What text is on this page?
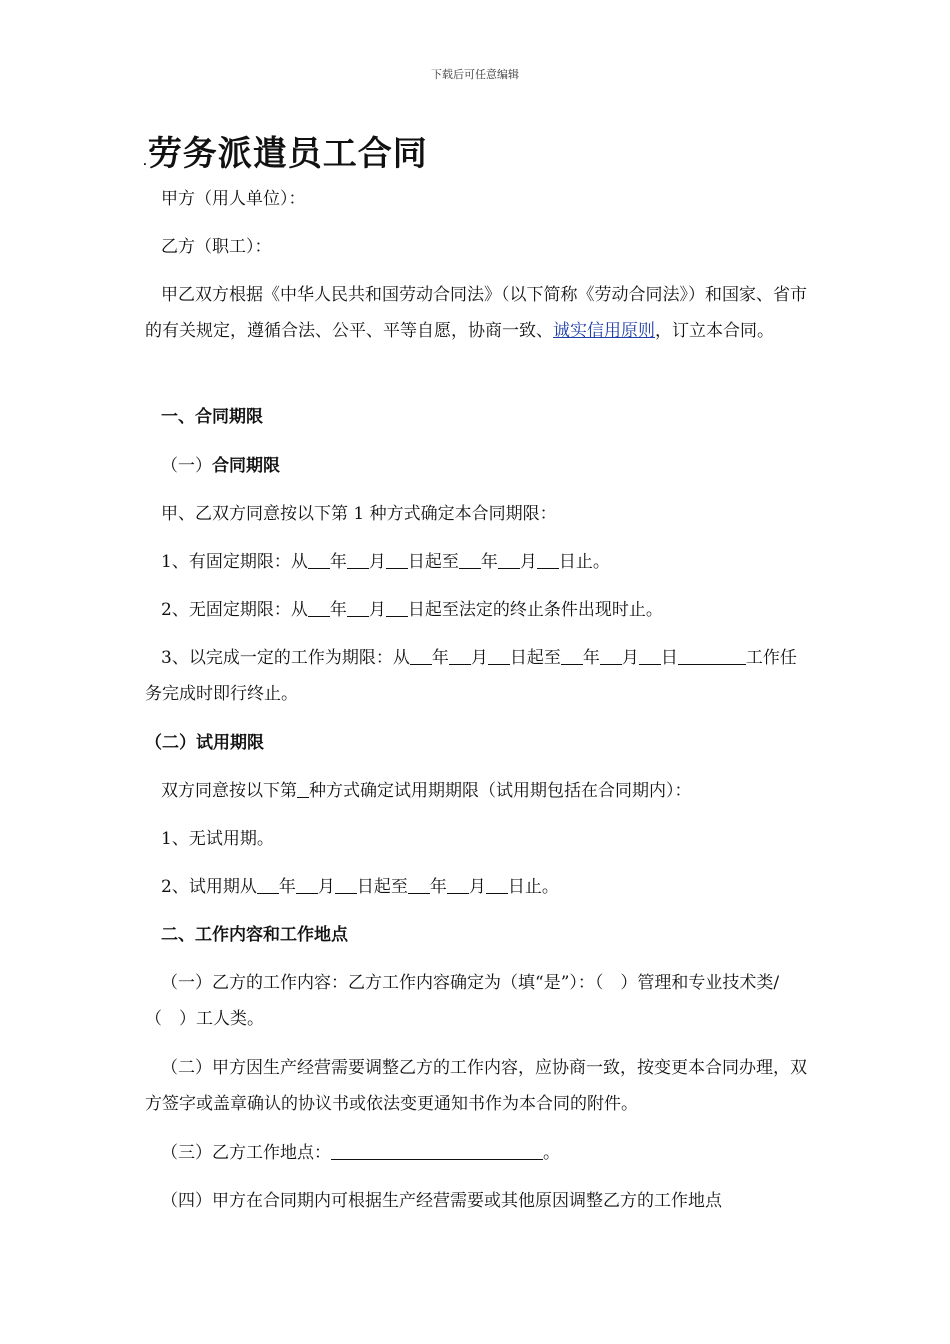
下载后可任意编辑
.劳务派遣员工合同
甲方（用人单位）：
乙方（职工）：
甲乙双方根据《中华人民共和国劳动合同法》（以下简称《劳动合同法》）和国家、省市的有关规定，遵循合法、公平、平等自愿，协商一致、诚实信用原则，订立本合同。
一、合同期限
（一）合同期限
甲、乙双方同意按以下第 1 种方式确定本合同期限：
1、有固定期限：从 年 月 日起至 年 月 日止。
2、无固定期限：从 年 月 日起至法定的终止条件出现时止。
3、以完成一定的工作为期限：从 年 月 日起至 年 月 日	工作任务完成时即行终止。
（二）试用期限
双方同意按以下第 种方式确定试用期期限（试用期包括在合同期内）：
1、无试用期。
2、试用期从 年 月 日起至 年 月 日止。
二、工作内容和工作地点
（一）乙方的工作内容：乙方工作内容确定为（填“是”）：（　）管理和专业技术类/（　）工人类。
（二）甲方因生产经营需要调整乙方的工作内容，应协商一致，按变更本合同办理，双方签字或盖章确认的协议书或依法变更通知书作为本合同的附件。
（三）乙方工作地点：	。
（四）甲方在合同期内可根据生产经营需要或其他原因调整乙方的工作地点
